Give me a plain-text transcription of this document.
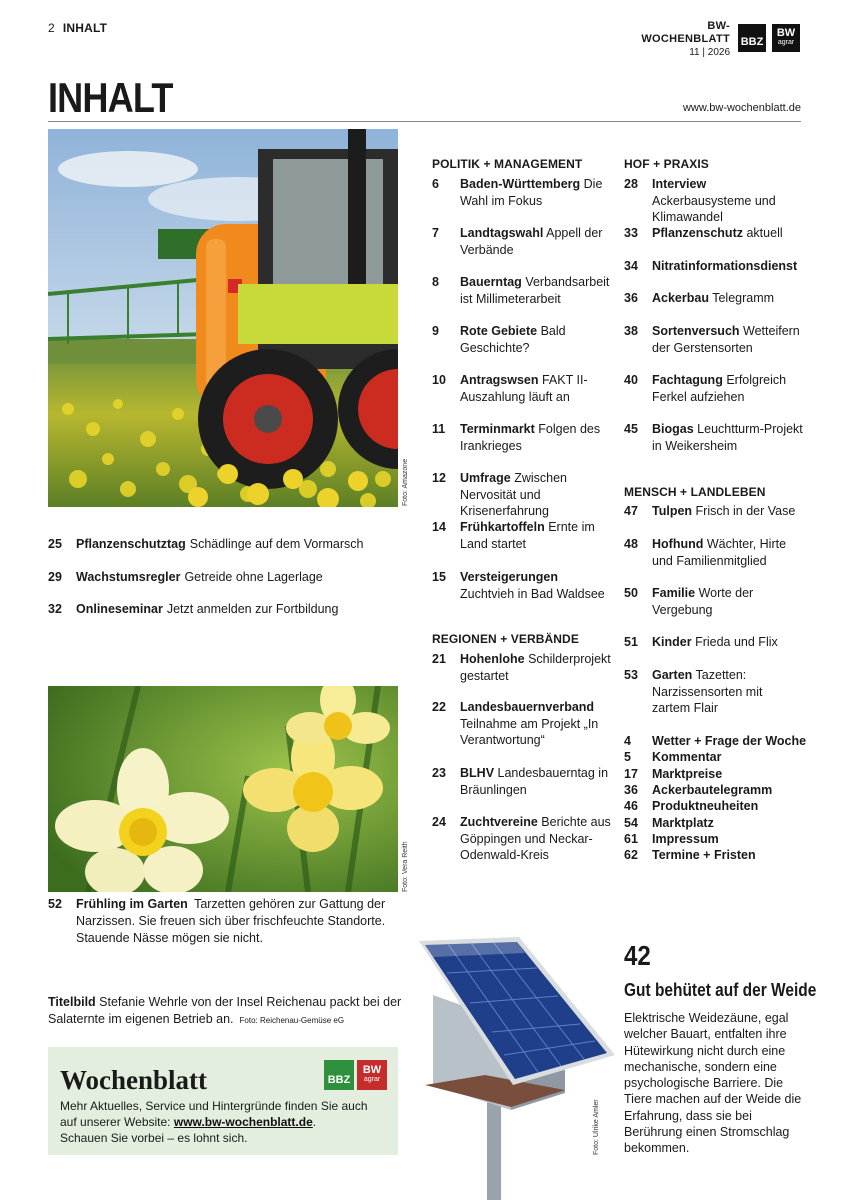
2 INHALT	BW-WOCHENBLATT
11 | 2026
BBZ
BW
agrar
INHALT	www.bw-wochenblatt.de
Foto: Amazone
25	Pflanzenschutztag Schädlinge auf dem Vormarsch
29	Wachstumsregler Getreide ohne Lagerlage
32	Onlineseminar Jetzt anmelden zur Fortbildung
Foto: Vera Reith
52	Frühling im Garten Tarzetten gehören zur Gattung der Narzissen. Sie freuen sich über frischfeuchte Standorte. Stauende Nässe mögen sie nicht.
Titelbild Stefanie Wehrle von der Insel Reichenau packt bei der Salaternte im eigenen Betrieb an. Foto: Reichenau-Gemüse eG
Wochenblatt	BBZ
BW
agrar
Mehr Aktuelles, Service und Hintergründe finden Sie auch
auf unserer Website: www.bw-wochenblatt.de.
Schauen Sie vorbei – es lohnt sich.
POLITIK + MANAGEMENT
6	Baden-Württemberg Die Wahl im Fokus
7	Landtagswahl Appell der Verbände
8	Bauerntag Verbandsarbeit ist Millimeterarbeit
9	Rote Gebiete Bald Geschichte?
10	Antragswsen FAKT II-Auszahlung läuft an
11	Terminmarkt Folgen des Irankrieges
12	Umfrage Zwischen Nervosität und Krisenerfahrung
14	Frühkartoffeln Ernte im Land startet
15	Versteigerungen Zuchtvieh in Bad Waldsee
REGIONEN + VERBÄNDE
21	Hohenlohe Schilderprojekt gestartet
22	Landesbauernverband Teilnahme am Projekt „In Verantwortung“
23	BLHV Landesbauerntag in Bräunlingen
24	Zuchtvereine Berichte aus Göppingen und Neckar-Odenwald-Kreis
HOF + PRAXIS
28	Interview Ackerbausysteme und Klimawandel
33	Pflanzenschutz aktuell
34	Nitratinformationsdienst
36	Ackerbau Telegramm
38	Sortenversuch Wetteifern der Gerstensorten
40	Fachtagung Erfolgreich Ferkel aufziehen
45	Biogas Leuchtturm-Projekt in Weikersheim
MENSCH + LANDLEBEN
47	Tulpen Frisch in der Vase
48	Hofhund Wächter, Hirte und Familienmitglied
50	Familie Worte der Vergebung
51	Kinder Frieda und Flix
53	Garten Tazetten: Narzissensorten mit zartem Flair
4	Wetter + Frage der Woche
5	Kommentar
17	Marktpreise
36	Ackerbautelegramm
46	Produktneuheiten
54	Marktplatz
61	Impressum
62	Termine + Fristen
Foto: Ulrike Amler
42
Gut behütet auf der Weide
Elektrische Weidezäune, egal welcher Bauart, entfalten ihre Hütewirkung nicht durch eine mechanische, sondern eine psychologische Barriere. Die Tiere machen auf der Weide die Erfahrung, dass sie bei Berührung einen Stromschlag bekommen.
